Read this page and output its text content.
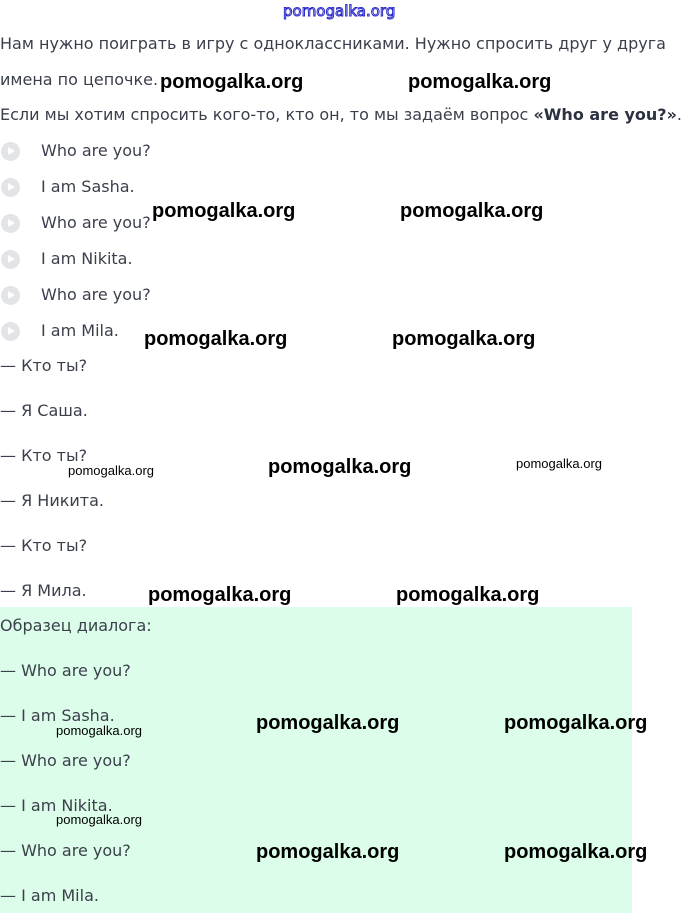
pomogalka.org
Нам нужно поиграть в игру с одноклассниками. Нужно спросить друг у друга
имена по цепочке.
Если мы хотим спросить кого-то, кто он, то мы задаём вопрос «Who are you?».
Who are you?
I am Sasha.
Who are you?
I am Nikita.
Who are you?
I am Mila.
— Кто ты?
— Я Саша.
— Кто ты?
— Я Никита.
— Кто ты?
— Я Мила.
Образец диалога:
— Who are you?
— I am Sasha.
— Who are you?
— I am Nikita.
— Who are you?
— I am Mila.
pomogalka.org	pomogalka.org
pomogalka.org	pomogalka.org
pomogalka.org	pomogalka.org
pomogalka.org	pomogalka.org	pomogalka.org
pomogalka.org	pomogalka.org
pomogalka.org	pomogalka.org	pomogalka.org
pomogalka.org
pomogalka.org	pomogalka.org
